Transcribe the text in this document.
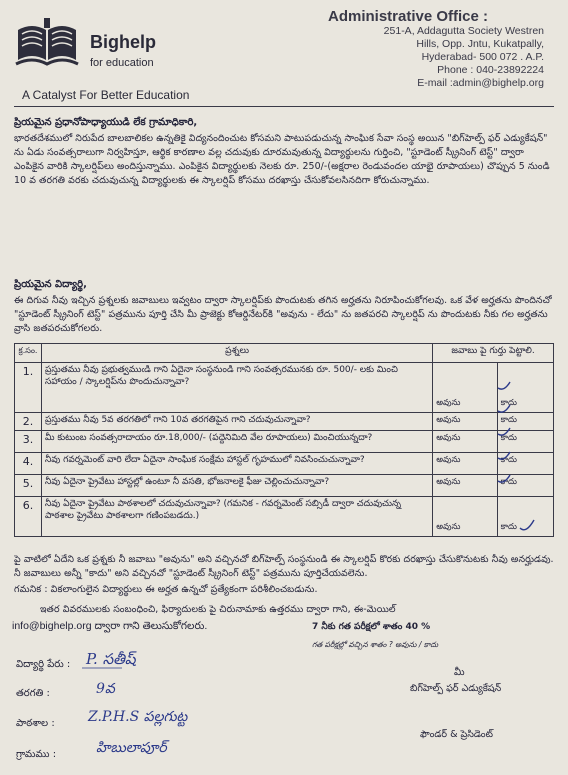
Bighelp
for education
A Catalyst For Better Education
Administrative Office :
251-A, Addagutta Society Westren
Hills, Opp. Jntu, Kukatpally,
Hyderabad- 500 072 . A.P.
Phone : 040-23892224
E-mail :admin@bighelp.org
ప్రియమైన ప్రధానోపాధ్యాయుడి లేక గ్రామాధికారి,
భారతదేశములో నిరుపేద బాలబాలికల ఉన్నతికై విద్యనందించుట కోసమని పాటుపడుచున్న సాంఘిక సేవా సంస్థ అయిన "బిగ్‌హెల్ప్ ఫర్ ఎడ్యుకేషన్" ను ఏడు సంవత్సరాలుగా నిర్వహిస్తూ, ఆర్థిక కారణాల వల్ల చదువుకు దూరమవుతున్న విద్యార్థులను గుర్తించి, "స్టూడెంట్ స్క్రీనింగ్ టెస్ట్" ద్వారా ఎంపికైన వారికి స్కాలర్షిప్‌లు అందిస్తున్నాము. ఎంపికైన విద్యార్థులకు నెలకు రూ. 250/-(అక్షరాల రెండువందల యాభై రూపాయలు) చొప్పున 5 నుండి 10 వ తరగతి వరకు చదువుచున్న విద్యార్థులకు ఈ స్కాలర్షిప్ కోసము దరఖాస్తు చేసుకోవలసినదిగా కోరుచున్నాము.
ప్రియమైన విద్యార్థి,
ఈ దిగువ నీవు ఇచ్చిన ప్రశ్నలకు జవాబులు ఇవ్వటం ద్వారా స్కాలర్షిప్‌కు పొందుటకు తగిన అర్హతను నిరూపించుకోగలవు. ఒక వేళ అర్హతను పొందినచో "స్టూడెంట్ స్క్రీనింగ్ టెస్ట్" పత్రమును పూర్తి చేసి మీ ప్రాజెక్టు కోఆర్డినేటర్‌కి "అవును - లేదు" ను జతపరచి స్కాలర్షిప్ ను పొందుటకు నీకు గల అర్హతను వ్రాసి జతపరచుకోగలరు.
క్ర.సం.	ప్రశ్నలు	జవాబు పై గుర్తు పెట్టాలి.	
1.	ప్రస్తుతము నీవు ప్రభుత్వముఁడి గాని ఏదైనా సంస్థనుండి గాని సంవత్సరమునకు రూ. 500/- లకు మించి సహాయం / స్కాలర్షిప్‌ను పొందుచున్నావా?	అవును	కాదు
2.	ప్రస్తుతము నీవు 5వ తరగతిలో గాని 10వ తరగతిపైన గాని చదువుచున్నావా?	అవును	కాదు
3.	మీ కుటుంబ సంవత్సరాదాయం రూ.18,000/- (పద్దెనిమిది వేల రూపాయలు) మించియున్నదా?	అవును	కాదు
4.	నీవు గవర్నమెంట్ వారి లేదా ఏదైనా సాంఘిక సంక్షేమ హాస్టల్ గృహములో నివసించుచున్నావా?	అవును	కాదు
5.	నీవు ఏదైనా ప్రైవేటు హాస్టల్లో ఉంటూ నీ వసతి, భోజనాలకై ఫీజు చెల్లించుచున్నావా?	అవును	కాదు
6.	నీవు ఏదైనా ప్రైవేటు పాఠశాలలో చదువుచున్నావా? (గమనిక - గవర్నమెంట్ సబ్సిడీ ద్వారా చదువుచున్న పాఠశాల ప్రైవేటు పాఠశాలగా గణింపబడదు.)	అవును	కాదు
పై వాటిలో ఏదేని ఒక ప్రశ్నకు నీ జవాబు "అవును" అని వచ్చినచో బిగ్‌హెల్ప్ సంస్థనుండి ఈ స్కాలర్షిప్ కొరకు దరఖాస్తు చేసుకొనుటకు నీవు అనర్హుడవు. నీ జవాబులు అన్నీ "కాదు" అని వచ్చినచో "స్టూడెంట్ స్క్రీనింగ్ టెస్ట్" పత్రమును పూర్తిచేయవలెను.
గమనిక : వికలాంగులైన విద్యార్థులు ఈ అర్హత ఉన్నచో ప్రత్యేకంగా పరిశీలించబడును.
ఇతర వివరములకు సంబంధించి, ఫిర్యాదులకు పై చిరునామాకు ఉత్తరము ద్వారా గాని, ఈ-మెయిల్
info@bighelp.org ద్వారా గాని తెలుసుకోగలరు.	7 నీకు గత పరీక్షలో శాతం 40 %
గత పరీక్షల్లో వచ్చిన శాతం ? అవును / కాదు
విద్యార్థి పేరు : P. సతీష్
తరగతి :	9వ
పాఠశాల : Z.P.H.S పల్లగుట్ట
గ్రామము :	హిబులాపూర్
మీ
బిగ్‌హెల్ప్ ఫర్ ఎడ్యుకేషన్
ఫౌండర్ & ప్రెసిడెంట్
